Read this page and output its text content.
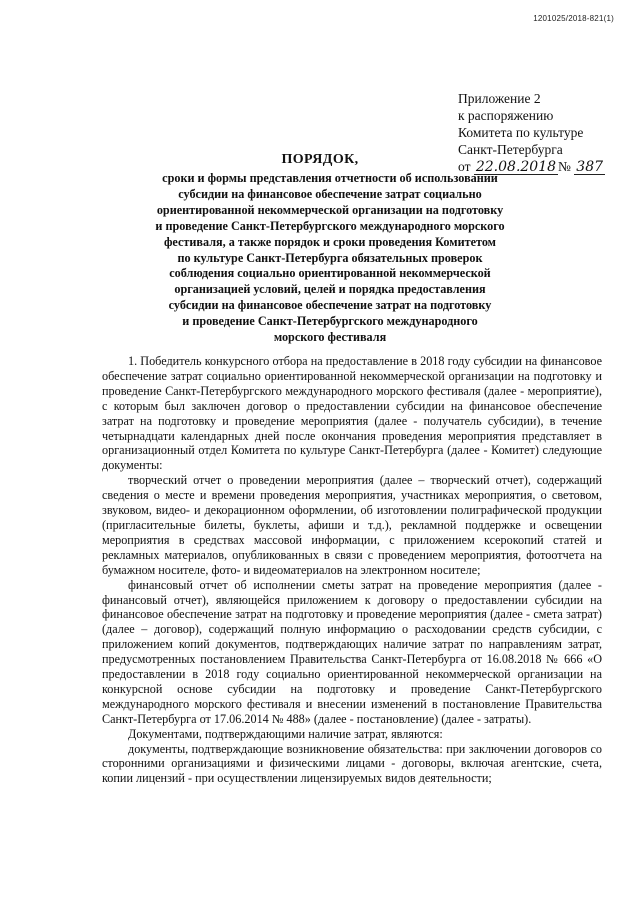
1201025/2018-821(1)
Приложение 2
к распоряжению
Комитета по культуре
Санкт-Петербурга
от 22.08.2018 № 387
ПОРЯДОК,
сроки и формы представления отчетности об использовании
субсидии на финансовое обеспечение затрат социально
ориентированной некоммерческой организации на подготовку
и проведение Санкт-Петербургского международного морского
фестиваля, а также порядок и сроки проведения Комитетом
по культуре Санкт-Петербурга обязательных проверок
соблюдения социально ориентированной некоммерческой
организацией условий, целей и порядка предоставления
субсидии на финансовое обеспечение затрат на подготовку
и проведение Санкт-Петербургского международного
морского фестиваля

1. Победитель конкурсного отбора на предоставление в 2018 году субсидии на финансовое обеспечение затрат социально ориентированной некоммерческой организации на подготовку и проведение Санкт-Петербургского международного морского фестиваля (далее - мероприятие), с которым был заключен договор о предоставлении субсидии на финансовое обеспечение затрат на подготовку и проведение мероприятия (далее - получатель субсидии), в течение четырнадцати календарных дней после окончания проведения мероприятия представляет в организационный отдел Комитета по культуре Санкт-Петербурга (далее - Комитет) следующие документы:

творческий отчет о проведении мероприятия (далее – творческий отчет), содержащий сведения о месте и времени проведения мероприятия, участниках мероприятия, о световом, звуковом, видео- и декорационном оформлении, об изготовлении полиграфической продукции (пригласительные билеты, буклеты, афиши и т.д.), рекламной поддержке и освещении мероприятия в средствах массовой информации, с приложением ксерокопий статей и рекламных материалов, опубликованных в связи с проведением мероприятия, фотоотчета на бумажном носителе, фото- и видеоматериалов на электронном носителе;

финансовый отчет об исполнении сметы затрат на проведение мероприятия (далее - финансовый отчет), являющейся приложением к договору о предоставлении субсидии на финансовое обеспечение затрат на подготовку и проведение мероприятия (далее - смета затрат) (далее – договор), содержащий полную информацию о расходовании средств субсидии, с приложением копий документов, подтверждающих наличие затрат по направлениям затрат, предусмотренных постановлением Правительства Санкт-Петербурга от 16.08.2018 № 666 «О предоставлении в 2018 году социально ориентированной некоммерческой организации на конкурсной основе субсидии на подготовку и проведение Санкт-Петербургского международного морского фестиваля и внесении изменений в постановление Правительства Санкт-Петербурга от 17.06.2014 № 488» (далее - постановление) (далее - затраты).

Документами, подтверждающими наличие затрат, являются:

документы, подтверждающие возникновение обязательства: при заключении договоров со сторонними организациями и физическими лицами - договоры, включая агентские, счета, копии лицензий - при осуществлении лицензируемых видов деятельности;
